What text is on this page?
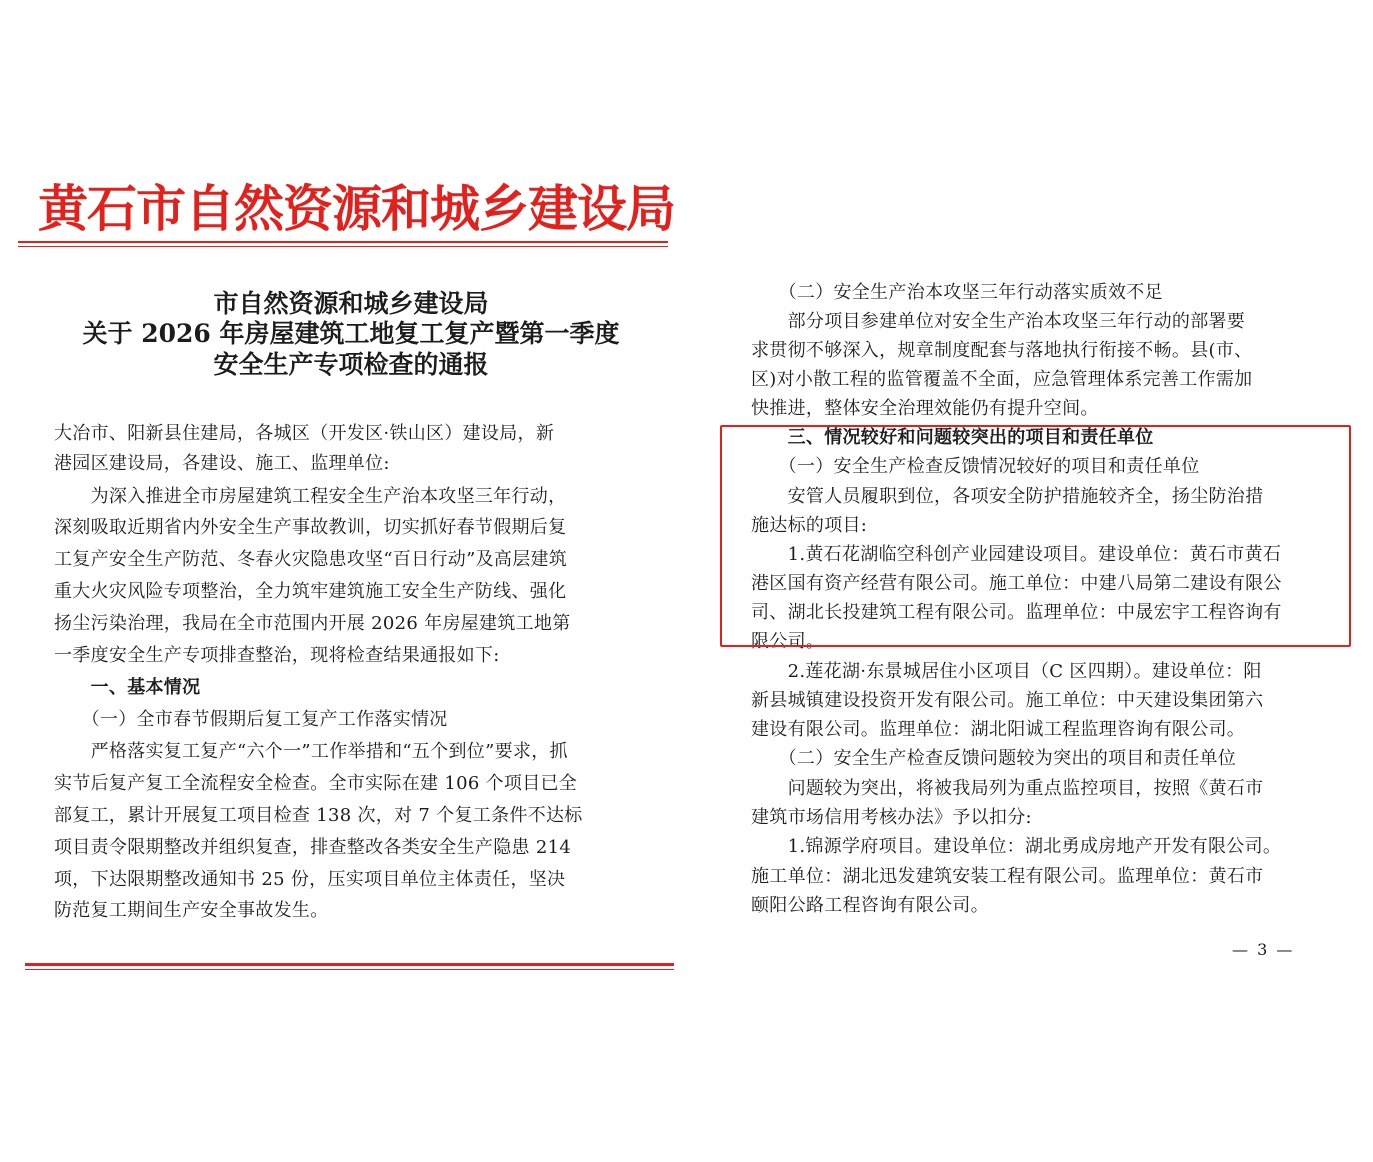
黄石市自然资源和城乡建设局
市自然资源和城乡建设局
关于 2026 年房屋建筑工地复工复产暨第一季度
安全生产专项检查的通报
大冶市、阳新县住建局，各城区（开发区·铁山区）建设局，新
港园区建设局，各建设、施工、监理单位:
　　为深入推进全市房屋建筑工程安全生产治本攻坚三年行动，
深刻吸取近期省内外安全生产事故教训，切实抓好春节假期后复
工复产安全生产防范、冬春火灾隐患攻坚“百日行动”及高层建筑
重大火灾风险专项整治，全力筑牢建筑施工安全生产防线、强化
扬尘污染治理，我局在全市范围内开展 2026 年房屋建筑工地第
一季度安全生产专项排查整治，现将检查结果通报如下:
　　一、基本情况
　　（一）全市春节假期后复工复产工作落实情况
　　严格落实复工复产“六个一”工作举措和“五个到位”要求，抓
实节后复产复工全流程安全检查。全市实际在建 106 个项目已全
部复工，累计开展复工项目检查 138 次，对 7 个复工条件不达标
项目责令限期整改并组织复查，排查整改各类安全生产隐患 214
项，下达限期整改通知书 25 份，压实项目单位主体责任，坚决
防范复工期间生产安全事故发生。
　　（二）安全生产治本攻坚三年行动落实质效不足
　　部分项目参建单位对安全生产治本攻坚三年行动的部署要
求贯彻不够深入，规章制度配套与落地执行衔接不畅。县(市、
区)对小散工程的监管覆盖不全面，应急管理体系完善工作需加
快推进，整体安全治理效能仍有提升空间。
　　三、情况较好和问题较突出的项目和责任单位
　　（一）安全生产检查反馈情况较好的项目和责任单位
　　安管人员履职到位，各项安全防护措施较齐全，扬尘防治措
施达标的项目:
　　1.黄石花湖临空科创产业园建设项目。建设单位：黄石市黄石
港区国有资产经营有限公司。施工单位：中建八局第二建设有限公
司、湖北长投建筑工程有限公司。监理单位：中晟宏宇工程咨询有
限公司。
　　2.莲花湖·东景城居住小区项目（C 区四期）。建设单位：阳
新县城镇建设投资开发有限公司。施工单位：中天建设集团第六
建设有限公司。监理单位：湖北阳诚工程监理咨询有限公司。
　　（二）安全生产检查反馈问题较为突出的项目和责任单位
　　问题较为突出，将被我局列为重点监控项目，按照《黄石市
建筑市场信用考核办法》予以扣分:
　　1.锦源学府项目。建设单位：湖北勇成房地产开发有限公司。
施工单位：湖北迅发建筑安装工程有限公司。监理单位：黄石市
颐阳公路工程咨询有限公司。
— 3 —
